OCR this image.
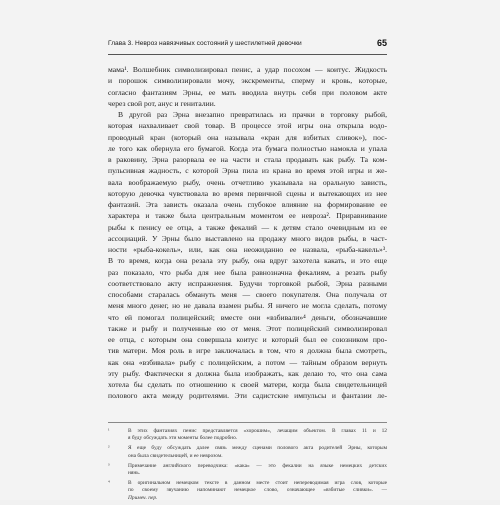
Глава 3. Невроз навязчивых состояний у шестилетней девочки	65
мама¹. Волшебник символизировал пенис, а удар посохом — коитус. Жидкость
и порошок символизировали мочу, экскременты, сперму и кровь, которые,
согласно фантазиям Эрны, ее мать вводила внутрь себя при половом акте
через свой рот, анус и гениталии.
В другой раз Эрна внезапно превратилась из прачки в торговку рыбой,
которая нахваливает свой товар. В процессе этой игры она открыла водо-
проводный кран (который она называла «кран для взбитых сливок»), пос-
ле того как обернула его бумагой. Когда эта бумага полностью намокла и упала
в раковину, Эрна разорвала ее на части и стала продавать как рыбу. Та ком-
пульсивная жадность, с которой Эрна пила из крана во время этой игры и же-
вала воображаемую рыбу, очень отчетливо указывала на оральную зависть,
которую девочка чувствовала во время первичной сцены и вытекающих из нее
фантазий. Эта зависть оказала очень глубокое влияние на формирование ее
характера и также была центральным моментом ее невроза². Приравнивание
рыбы к пенису ее отца, а также фекалий — к детям стало очевидным из ее
ассоциаций. У Эрны было выставлено на продажу много видов рыбы, в част-
ности «рыба-кокель», или, как она неожиданно ее назвала, «рыба-какель»³.
В то время, когда она резала эту рыбу, она вдруг захотела какать, и это еще
раз показало, что рыба для нее была равнозначна фекалиям, а резать рыбу
соответствовало акту испражнения. Будучи торговкой рыбой, Эрна разными
способами старалась обмануть меня — своего покупателя. Она получала от
меня много денег, но не давала взамен рыбы. Я ничего не могла сделать, потому
что ей помогал полицейский; вместе они «взбивали»⁴ деньги, обозначавшие
также и рыбу и полученные ею от меня. Этот полицейский символизировал
ее отца, с которым она совершала коитус и который был ее союзником про-
тив матери. Моя роль в игре заключалась в том, что я должна была смотреть,
как она «взбивала» рыбу с полицейским, а потом — тайным образом вернуть
эту рыбу. Фактически я должна была изображать, как делаю то, что она сама
хотела бы сделать по отношению к своей матери, когда была свидетельницей
полового акта между родителями. Эти садистские импульсы и фантазии ле-
¹	В этих фантазиях пенис представляется «хорошим», лечащим объектом. В главах 11 и 12
я буду обсуждать эти моменты более подробно.
²	Я еще буду обсуждать далее связь между сценами полового акта родителей Эрны, которым
она была свидетельницей, и ее неврозом.
³	Примечание английского переводчика: «кака» — это фекалии на языке немецких детских
нянь.
⁴	В оригинальном немецком тексте в данном месте стоит непереводимая игра слов, которые
по своему звучанию напоминают немецкое слово, означающее «взбитые сливки». —
Примеч. пер.
